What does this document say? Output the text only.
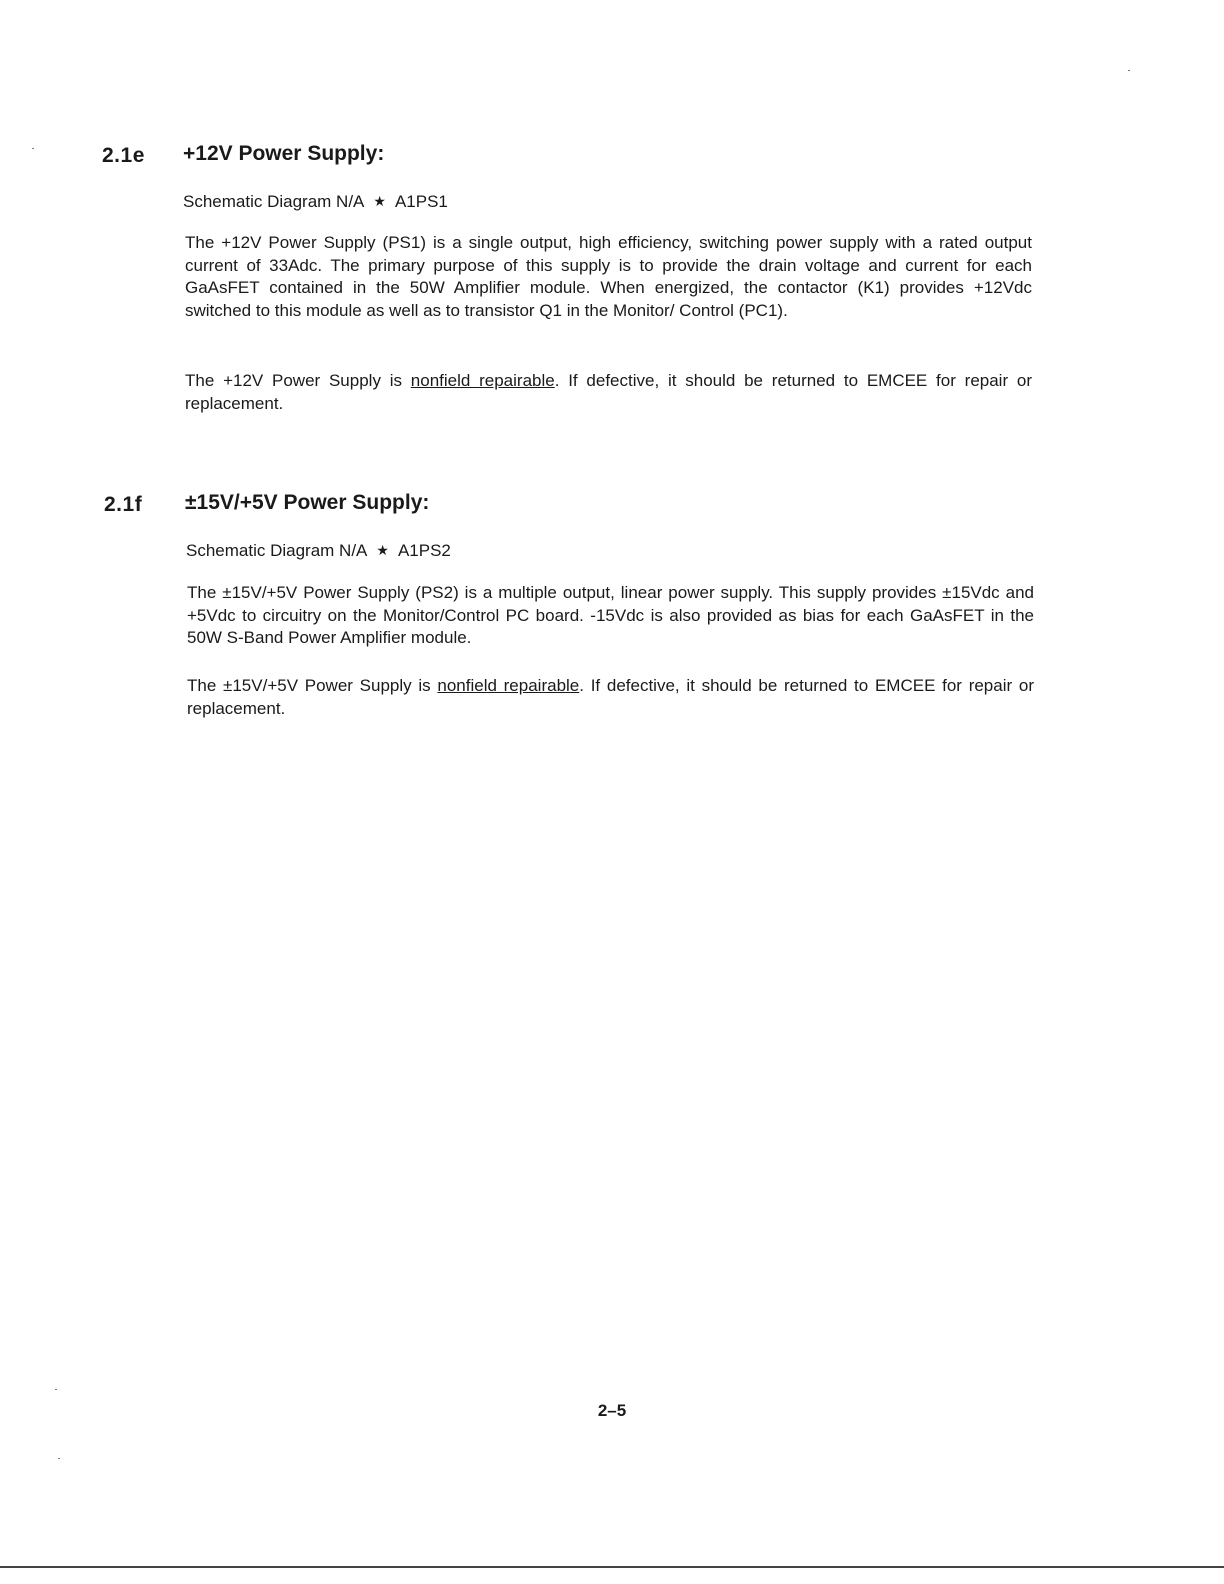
2.1e +12V Power Supply:
Schematic Diagram N/A ★ A1PS1

The +12V Power Supply (PS1) is a single output, high efficiency, switching power supply with a rated output current of 33Adc. The primary purpose of this supply is to provide the drain voltage and current for each GaAsFET contained in the 50W Amplifier module. When energized, the contactor (K1) provides +12Vdc switched to this module as well as to transistor Q1 in the Monitor/ Control (PC1).

The +12V Power Supply is nonfield repairable. If defective, it should be returned to EMCEE for repair or replacement.

2.1f ±15V/+5V Power Supply:
Schematic Diagram N/A ★ A1PS2

The ±15V/+5V Power Supply (PS2) is a multiple output, linear power supply. This supply provides ±15Vdc and +5Vdc to circuitry on the Monitor/Control PC board. -15Vdc is also provided as bias for each GaAsFET in the 50W S-Band Power Amplifier module.

The ±15V/+5V Power Supply is nonfield repairable. If defective, it should be returned to EMCEE for repair or replacement.

2–5
